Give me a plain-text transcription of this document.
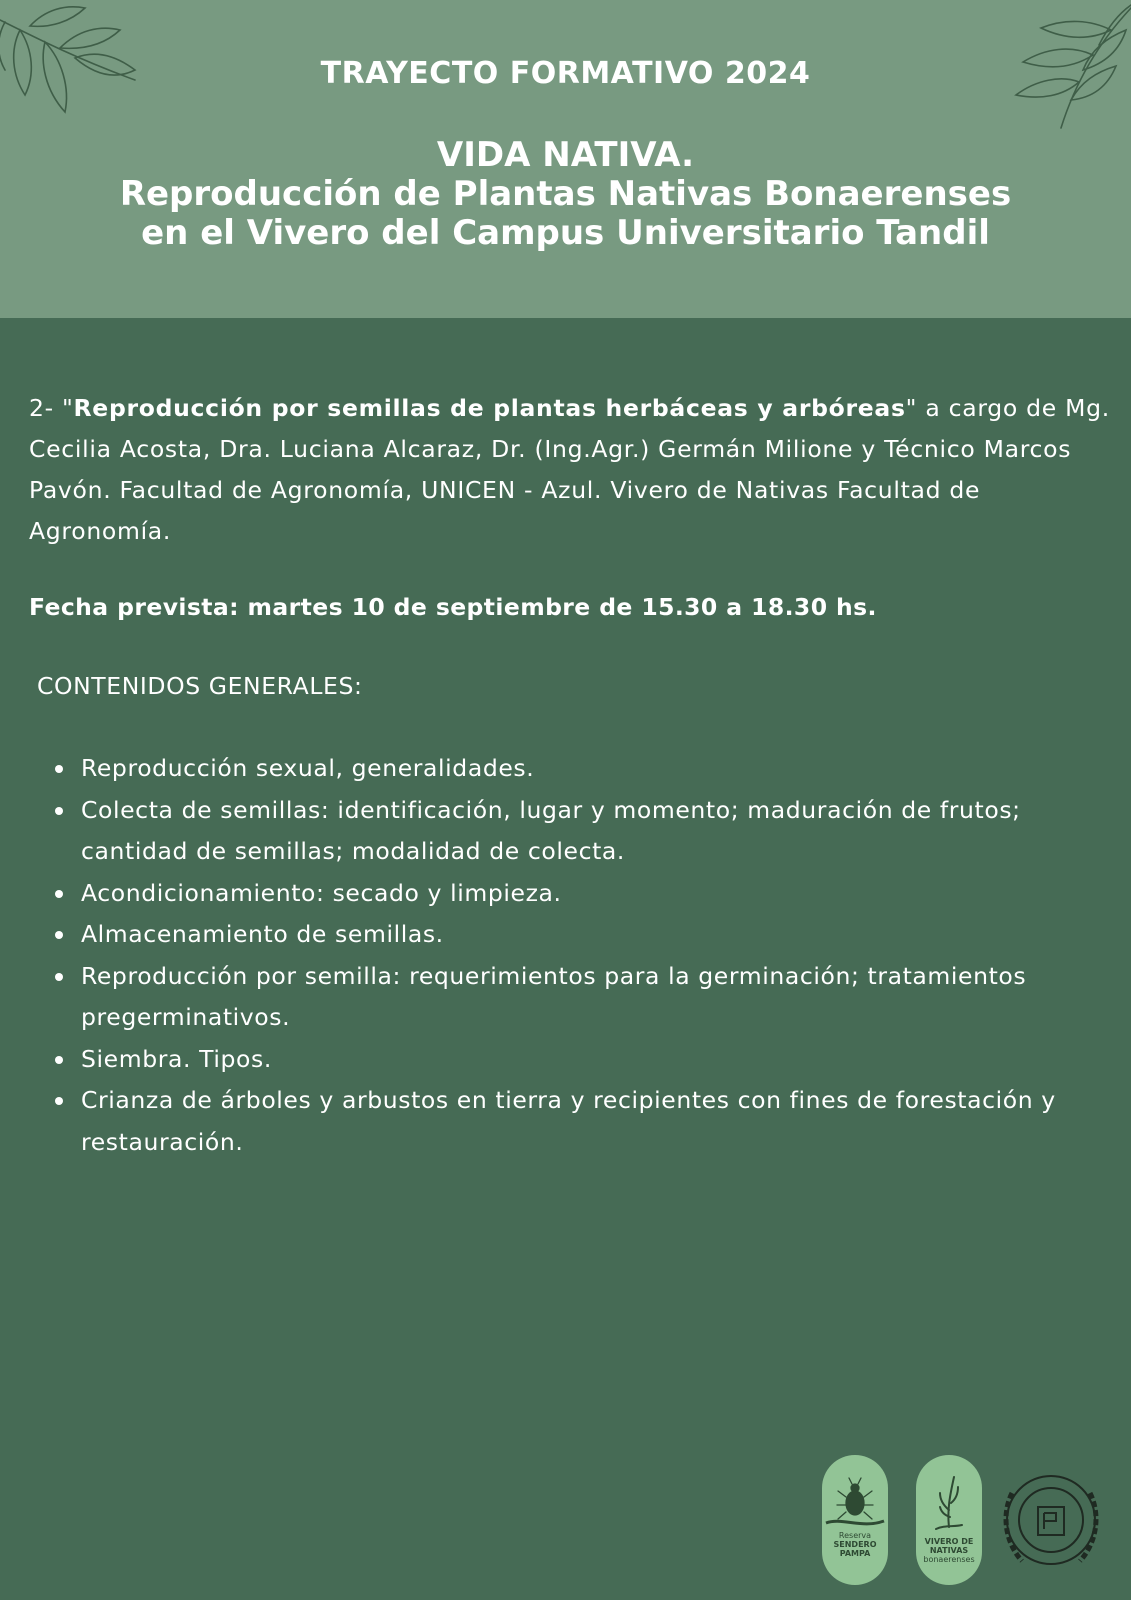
TRAYECTO FORMATIVO 2024
VIDA NATIVA.
Reproducción de Plantas Nativas Bonaerenses
en el Vivero del Campus Universitario Tandil

2- "Reproducción por semillas de plantas herbáceas y arbóreas" a cargo de Mg. Cecilia Acosta, Dra. Luciana Alcaraz, Dr. (Ing.Agr.) Germán Milione y Técnico Marcos Pavón. Facultad de Agronomía, UNICEN - Azul. Vivero de Nativas Facultad de Agronomía.

Fecha prevista: martes 10 de septiembre de 15.30 a 18.30 hs.

CONTENIDOS GENERALES:

Reproducción sexual, generalidades.
Colecta de semillas: identificación, lugar y momento; maduración de frutos; cantidad de semillas; modalidad de colecta.
Acondicionamiento: secado y limpieza.
Almacenamiento de semillas.
Reproducción por semilla: requerimientos para la germinación; tratamientos pregerminativos.
Siembra. Tipos.
Crianza de árboles y arbustos en tierra y recipientes con fines de forestación y restauración.
Reserva
SENDERO
PAMPA
VIVERO DE
NATIVAS
bonaerenses
